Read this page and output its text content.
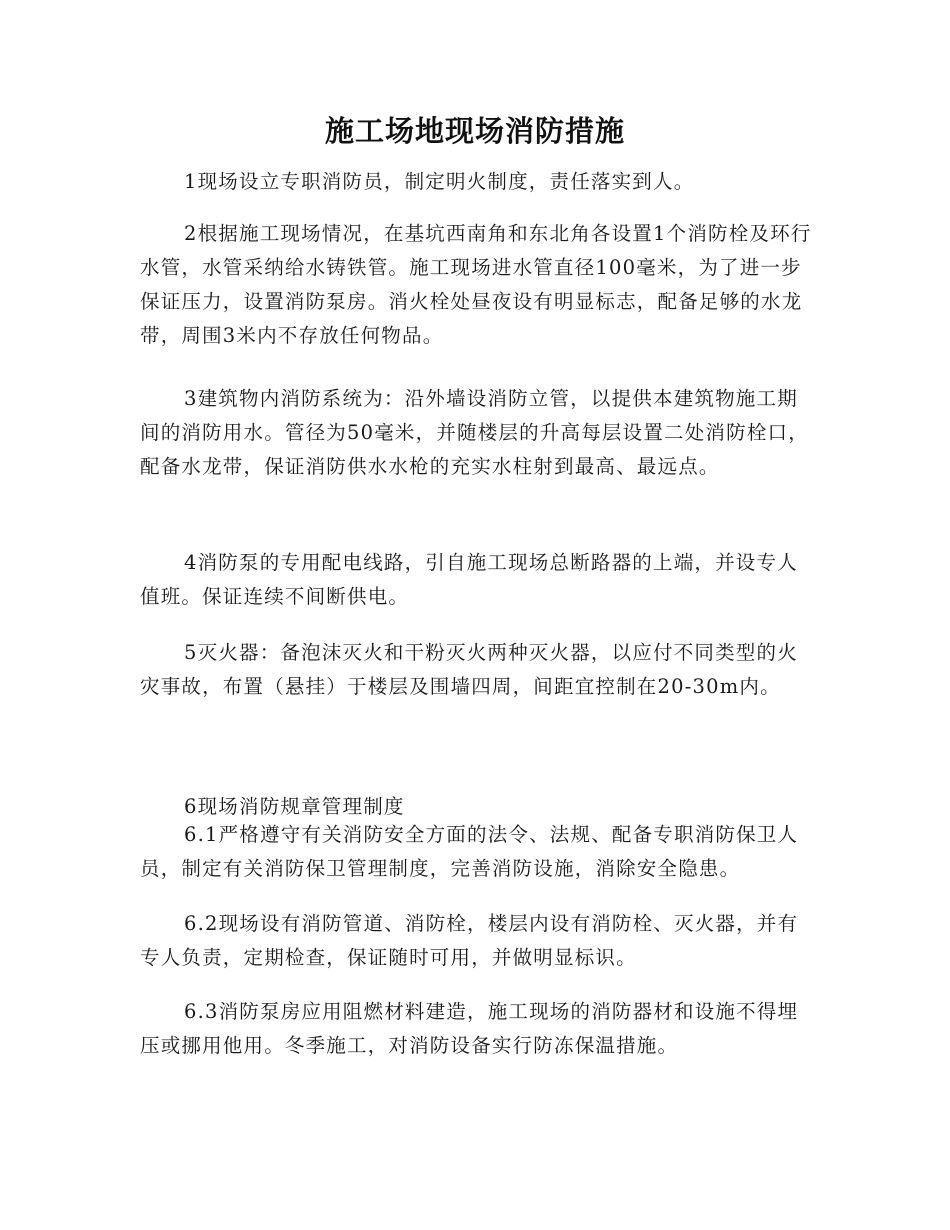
施工场地现场消防措施

1现场设立专职消防员，制定明火制度，责任落实到人。

2根据施工现场情况，在基坑西南角和东北角各设置1个消防栓及环行水管，水管采纳给水铸铁管。施工现场进水管直径100毫米，为了进一步保证压力，设置消防泵房。消火栓处昼夜设有明显标志，配备足够的水龙带，周围3米内不存放任何物品。

3建筑物内消防系统为：沿外墙设消防立管，以提供本建筑物施工期间的消防用水。管径为50毫米，并随楼层的升高每层设置二处消防栓口，配备水龙带，保证消防供水水枪的充实水柱射到最高、最远点。

4消防泵的专用配电线路，引自施工现场总断路器的上端，并设专人值班。保证连续不间断供电。

5灭火器：备泡沫灭火和干粉灭火两种灭火器，以应付不同类型的火灾事故，布置（悬挂）于楼层及围墙四周，间距宜控制在20-30m内。

6现场消防规章管理制度

6.1严格遵守有关消防安全方面的法令、法规、配备专职消防保卫人员，制定有关消防保卫管理制度，完善消防设施，消除安全隐患。

6.2现场设有消防管道、消防栓，楼层内设有消防栓、灭火器，并有专人负责，定期检查，保证随时可用，并做明显标识。

6.3消防泵房应用阻燃材料建造，施工现场的消防器材和设施不得埋压或挪用他用。冬季施工，对消防设备实行防冻保温措施。
